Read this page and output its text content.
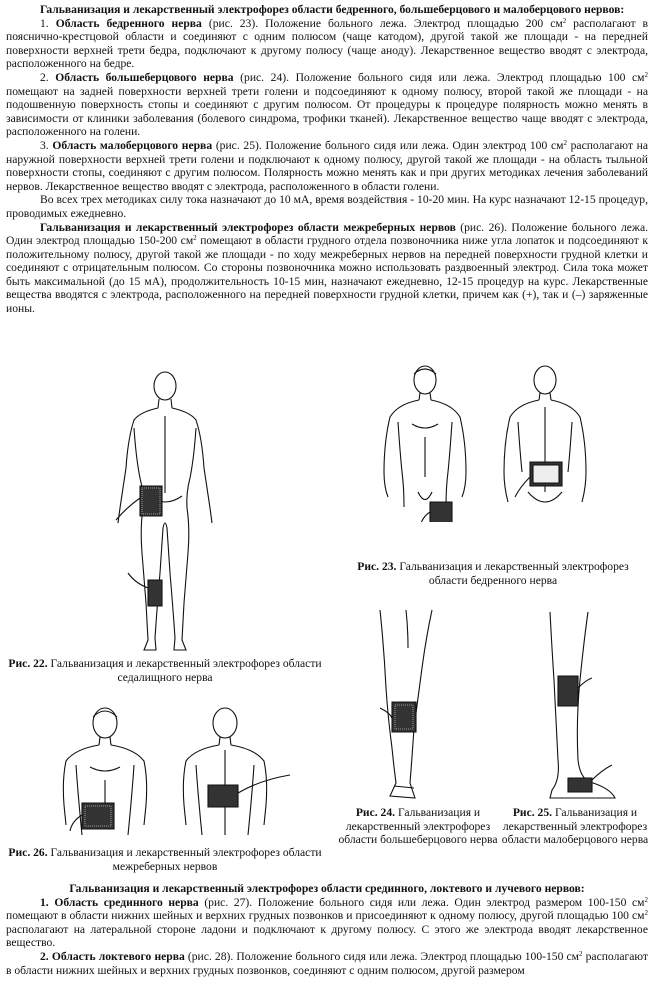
Гальванизация и лекарственный электрофорез области бедренного, большеберцового и малоберцового нервов:

1. Область бедренного нерва (рис. 23). Положение больного лежа. Электрод площадью 200 $см^2$ располагают в пояснично-крестцовой области и соединяют с одним полюсом (чаще катодом), другой такой же площади - на передней поверхности верхней трети бедра, подключают к другому полюсу (чаще аноду). Лекарственное вещество вводят с электрода, расположенного на бедре.

2. Область большеберцового нерва (рис. 24). Положение больного сидя или лежа. Электрод площадью 100 $см^2$ помещают на задней поверхности верхней трети голени и подсоединяют к одному полюсу, второй такой же площади - на подошвенную поверхность стопы и соединяют с другим полюсом. От процедуры к процедуре полярность можно менять в зависимости от клиники заболевания (болевого синдрома, трофики тканей). Лекарственное вещество чаще вводят с электрода, расположенного на голени.

3. Область малоберцового нерва (рис. 25). Положение больного сидя или лежа. Один электрод 100 $см^2$ располагают на наружной поверхности верхней трети голени и подключают к одному полюсу, другой такой же площади - на область тыльной поверхности стопы, соединяют с другим полюсом. Полярность можно менять как и при других методиках лечения заболеваний нервов. Лекарственное вещество вводят с электрода, расположенного в области голени.

Во всех трех методиках силу тока назначают до 10 мА, время воздействия - 10-20 мин. На курс назначают 12-15 процедур, проводимых ежедневно.

Гальванизация и лекарственный электрофорез области межреберных нервов (рис. 26). Положение больного лежа. Один электрод площадью 150-200 $см^2$ помещают в области грудного отдела позвоночника ниже угла лопаток и подсоединяют к положительному полюсу, другой такой же площади - по ходу межреберных нервов на передней поверхности грудной клетки и соединяют с отрицательным полюсом. Со стороны позвоночника можно использовать раздвоенный электрод. Сила тока может быть максимальной (до 15 мА), продолжительность 10-15 мин, назначают ежедневно, 12-15 процедур на курс. Лекарственные вещества вводятся с электрода, расположенного на передней поверхности грудной клетки, причем как (+), так и (–) заряженные ионы.

Рис. 22. Гальванизация и лекарственный электрофорез области седалищного нерва
Рис. 23. Гальванизация и лекарственный электрофорез области бедренного нерва
Рис. 24. Гальванизация и лекарственный электрофорез области большеберцового нерва
Рис. 25. Гальванизация и лекарственный электрофорез области малоберцового нерва
Рис. 26. Гальванизация и лекарственный электрофорез области межреберных нервов

Гальванизация и лекарственный электрофорез области срединного, локтевого и лучевого нервов:

1. Область срединного нерва (рис. 27). Положение больного сидя или лежа. Один электрод размером 100-150 $см^2$ помещают в области нижних шейных и верхних грудных позвонков и присоединяют к одному полюсу, другой площадью 100 $см^2$ располагают на латеральной стороне ладони и подключают к другому полюсу. С этого же электрода вводят лекарственное вещество.

2. Область локтевого нерва (рис. 28). Положение больного сидя или лежа. Электрод площадью 100-150 $см^2$ располагают в области нижних шейных и верхних грудных позвонков, соединяют с одним полюсом, другой размером
